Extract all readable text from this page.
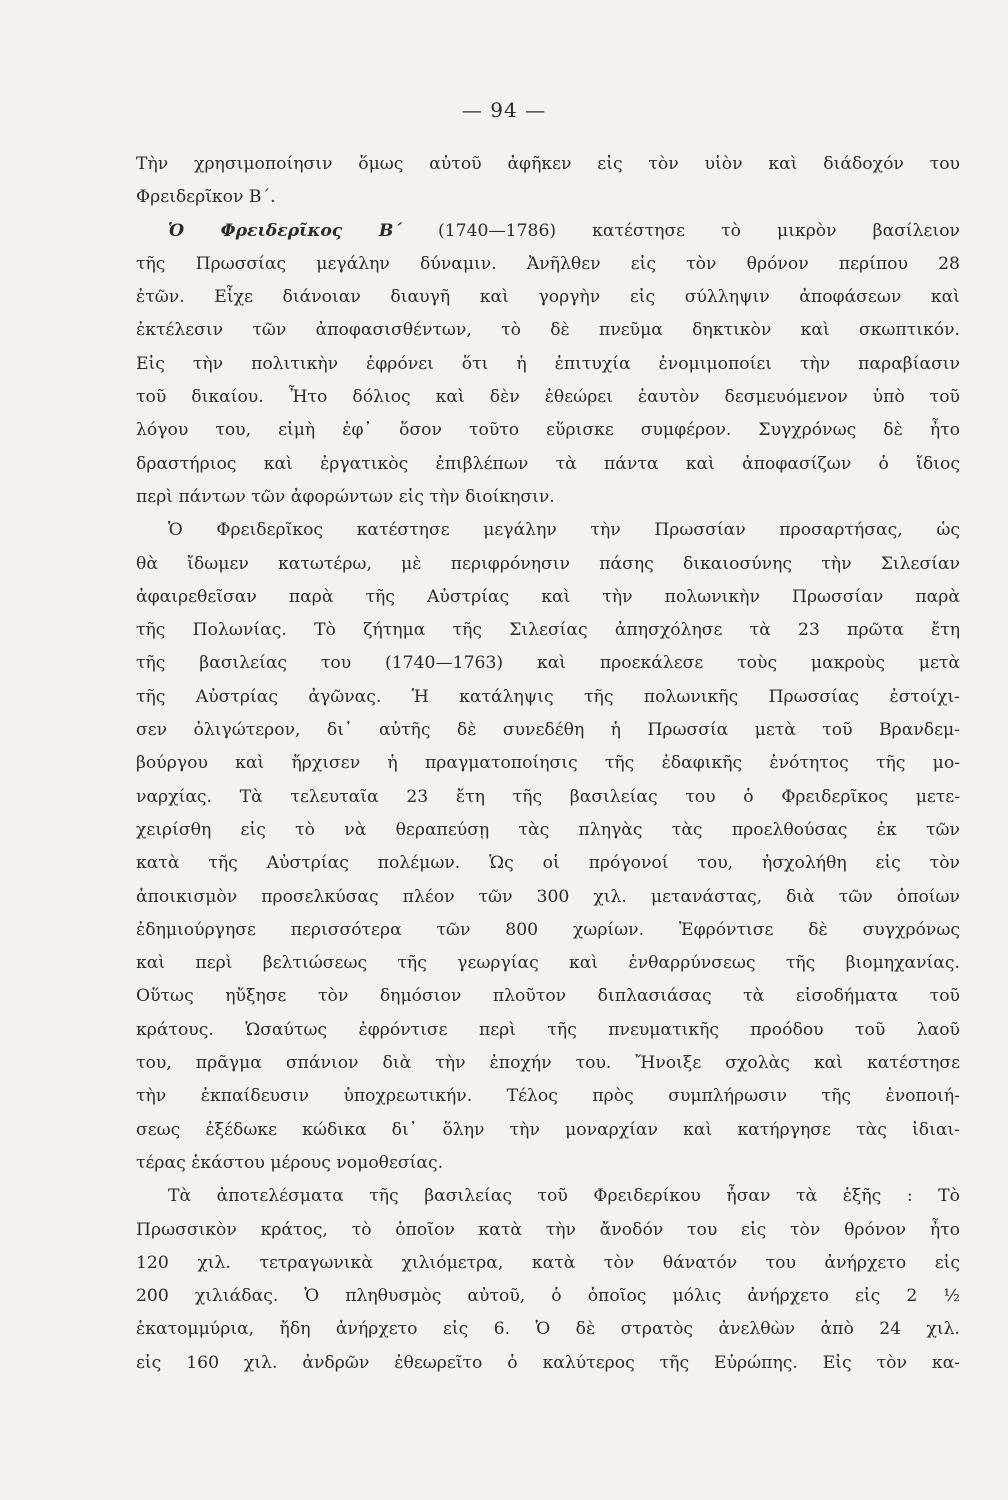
— 94 —
Τὴν χρησιμοποίησιν ὅμως αὐτοῦ ἀφῆκεν εἰς τὸν υἱὸν καὶ διάδοχόν του
Φρειδερῖκον Β΄.
Ὁ Φρειδερῖκος Β΄ (1740—1786) κατέστησε τὸ μικρὸν βασίλειον
τῆς Πρωσσίας μεγάλην δύναμιν. Ἀνῆλθεν εἰς τὸν θρόνον περίπου 28
ἐτῶν. Εἶχε διάνοιαν διαυγῆ καὶ γοργὴν εἰς σύλληψιν ἀποφάσεων καὶ
ἐκτέλεσιν τῶν ἀποφασισθέντων, τὸ δὲ πνεῦμα δηκτικὸν καὶ σκωπτικόν.
Εἰς τὴν πολιτικὴν ἐφρόνει ὅτι ἡ ἐπιτυχία ἐνομιμοποίει τὴν παραβίασιν
τοῦ δικαίου. Ἦτο δόλιος καὶ δὲν ἐθεώρει ἑαυτὸν δεσμευόμενον ὑπὸ τοῦ
λόγου του, εἰμὴ ἐφ᾽ ὅσον τοῦτο εὕρισκε συμφέρον. Συγχρόνως δὲ ἦτο
δραστήριος καὶ ἐργατικὸς ἐπιβλέπων τὰ πάντα καὶ ἀποφασίζων ὁ ἴδιος
περὶ πάντων τῶν ἀφορώντων εἰς τὴν διοίκησιν.
Ὁ Φρειδερῖκος κατέστησε μεγάλην τὴν Πρωσσίαν προσαρτήσας, ὡς
θὰ ἴδωμεν κατωτέρω, μὲ περιφρόνησιν πάσης δικαιοσύνης τὴν Σιλεσίαν
ἀφαιρεθεῖσαν παρὰ τῆς Αὐστρίας καὶ τὴν πολωνικὴν Πρωσσίαν παρὰ
τῆς Πολωνίας. Τὸ ζήτημα τῆς Σιλεσίας ἀπησχόλησε τὰ 23 πρῶτα ἔτη
τῆς βασιλείας του (1740—1763) καὶ προεκάλεσε τοὺς μακροὺς μετὰ
τῆς Αὐστρίας ἀγῶνας. Ἡ κατάληψις τῆς πολωνικῆς Πρωσσίας ἐστοίχι-
σεν ὀλιγώτερον, δι᾽ αὐτῆς δὲ συνεδέθη ἡ Πρωσσία μετὰ τοῦ Βρανδεμ-
βούργου καὶ ἤρχισεν ἡ πραγματοποίησις τῆς ἐδαφικῆς ἑνότητος τῆς μο-
ναρχίας. Τὰ τελευταῖα 23 ἔτη τῆς βασιλείας του ὁ Φρειδερῖκος μετε-
χειρίσθη εἰς τὸ νὰ θεραπεύσῃ τὰς πληγὰς τὰς προελθούσας ἐκ τῶν
κατὰ τῆς Αὐστρίας πολέμων. Ὡς οἱ πρόγονοί του, ἠσχολήθη εἰς τὸν
ἀποικισμὸν προσελκύσας πλέον τῶν 300 χιλ. μετανάστας, διὰ τῶν ὁποίων
ἐδημιούργησε περισσότερα τῶν 800 χωρίων. Ἐφρόντισε δὲ συγχρόνως
καὶ περὶ βελτιώσεως τῆς γεωργίας καὶ ἐνθαρρύνσεως τῆς βιομηχανίας.
Οὕτως ηὔξησε τὸν δημόσιον πλοῦτον διπλασιάσας τὰ εἰσοδήματα τοῦ
κράτους. Ὡσαύτως ἐφρόντισε περὶ τῆς πνευματικῆς προόδου τοῦ λαοῦ
του, πρᾶγμα σπάνιον διὰ τὴν ἐποχήν του. Ἤνοιξε σχολὰς καὶ κατέστησε
τὴν ἐκπαίδευσιν ὑποχρεωτικήν. Τέλος πρὸς συμπλήρωσιν τῆς ἑνοποιή-
σεως ἐξέδωκε κώδικα δι᾽ ὅλην τὴν μοναρχίαν καὶ κατήργησε τὰς ἰδιαι-
τέρας ἑκάστου μέρους νομοθεσίας.
Τὰ ἀποτελέσματα τῆς βασιλείας τοῦ Φρειδερίκου ἦσαν τὰ ἑξῆς : Τὸ
Πρωσσικὸν κράτος, τὸ ὁποῖον κατὰ τὴν ἄνοδόν του εἰς τὸν θρόνον ἦτο
120 χιλ. τετραγωνικὰ χιλιόμετρα, κατὰ τὸν θάνατόν του ἀνήρχετο εἰς
200 χιλιάδας. Ὁ πληθυσμὸς αὐτοῦ, ὁ ὁποῖος μόλις ἀνήρχετο εἰς 2 ½
ἑκατομμύρια, ἤδη ἀνήρχετο εἰς 6. Ὁ δὲ στρατὸς ἀνελθὼν ἀπὸ 24 χιλ.
εἰς 160 χιλ. ἀνδρῶν ἐθεωρεῖτο ὁ καλύτερος τῆς Εὐρώπης. Εἰς τὸν κα-
